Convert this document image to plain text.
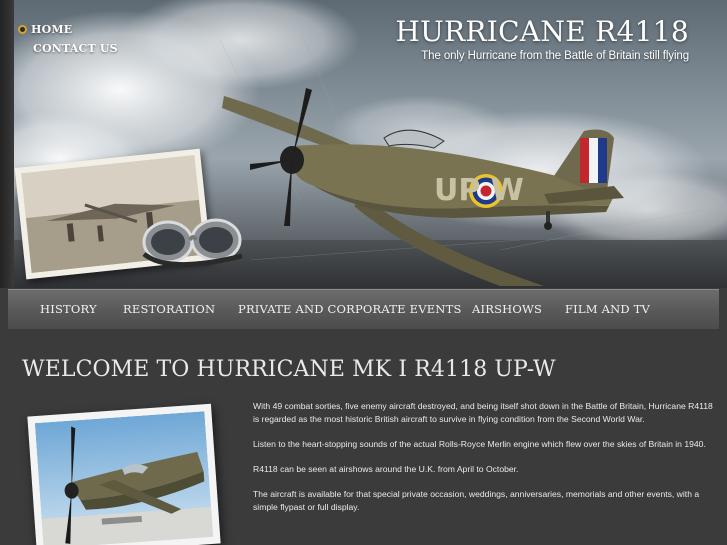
HOME
CONTACT US
HURRICANE R4118
The only Hurricane from the Battle of Britain still flying
UP W
HISTORY RESTORATION PRIVATE AND CORPORATE EVENTS AIRSHOWS FILM AND TV
WELCOME TO HURRICANE MK I R4118 UP-W

With 49 combat sorties, five enemy aircraft destroyed, and being itself shot down in the Battle of Britain, Hurricane R4118 is regarded as the most historic British aircraft to survive in flying condition from the Second World War.

Listen to the heart-stopping sounds of the actual Rolls-Royce Merlin engine which flew over the skies of Britain in 1940.

R4118 can be seen at airshows around the U.K. from April to October.

The aircraft is available for that special private occasion, weddings, anniversaries, memorials and other events, with a simple flypast or full display.
